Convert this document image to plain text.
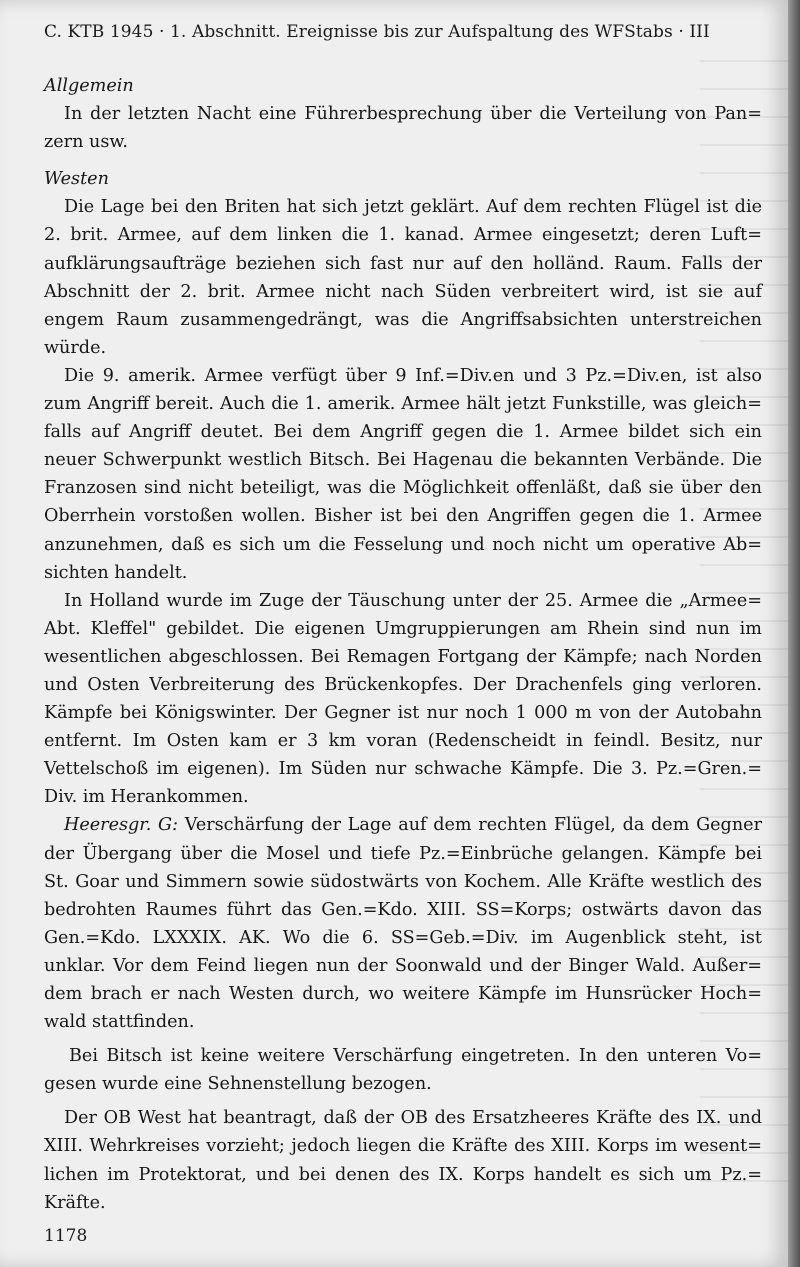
C. KTB 1945 · 1. Abschnitt. Ereignisse bis zur Aufspaltung des WFStabs · III

Allgemein

In der letzten Nacht eine Führerbesprechung über die Verteilung von Pan= zern usw.

Westen

Die Lage bei den Briten hat sich jetzt geklärt. Auf dem rechten Flügel ist die 2. brit. Armee, auf dem linken die 1. kanad. Armee eingesetzt; deren Luft= aufklärungsaufträge beziehen sich fast nur auf den holländ. Raum. Falls der Abschnitt der 2. brit. Armee nicht nach Süden verbreitert wird, ist sie auf engem Raum zusammengedrängt, was die Angriffsabsichten unterstreichen würde.

Die 9. amerik. Armee verfügt über 9 Inf.=Div.en und 3 Pz.=Div.en, ist also zum Angriff bereit. Auch die 1. amerik. Armee hält jetzt Funkstille, was gleich= falls auf Angriff deutet. Bei dem Angriff gegen die 1. Armee bildet sich ein neuer Schwerpunkt westlich Bitsch. Bei Hagenau die bekannten Verbände. Die Franzosen sind nicht beteiligt, was die Möglichkeit offenläßt, daß sie über den Oberrhein vorstoßen wollen. Bisher ist bei den Angriffen gegen die 1. Armee anzunehmen, daß es sich um die Fesselung und noch nicht um operative Ab= sichten handelt.

In Holland wurde im Zuge der Täuschung unter der 25. Armee die „Armee= Abt. Kleffel" gebildet. Die eigenen Umgruppierungen am Rhein sind nun im wesentlichen abgeschlossen. Bei Remagen Fortgang der Kämpfe; nach Norden und Osten Verbreiterung des Brückenkopfes. Der Drachenfels ging verloren. Kämpfe bei Königswinter. Der Gegner ist nur noch 1 000 m von der Autobahn entfernt. Im Osten kam er 3 km voran (Redenscheidt in feindl. Besitz, nur Vettelschoß im eigenen). Im Süden nur schwache Kämpfe. Die 3. Pz.=Gren.= Div. im Herankommen.

Heeresgr. G: Verschärfung der Lage auf dem rechten Flügel, da dem Gegner der Übergang über die Mosel und tiefe Pz.=Einbrüche gelangen. Kämpfe bei St. Goar und Simmern sowie südostwärts von Kochem. Alle Kräfte westlich des bedrohten Raumes führt das Gen.=Kdo. XIII. SS=Korps; ostwärts davon das Gen.=Kdo. LXXXIX. AK. Wo die 6. SS=Geb.=Div. im Augenblick steht, ist unklar. Vor dem Feind liegen nun der Soonwald und der Binger Wald. Außer= dem brach er nach Westen durch, wo weitere Kämpfe im Hunsrücker Hoch= wald stattfinden.

Bei Bitsch ist keine weitere Verschärfung eingetreten. In den unteren Vo= gesen wurde eine Sehnenstellung bezogen.

Der OB West hat beantragt, daß der OB des Ersatzheeres Kräfte des IX. und XIII. Wehrkreises vorzieht; jedoch liegen die Kräfte des XIII. Korps im wesent= lichen im Protektorat, und bei denen des IX. Korps handelt es sich um Pz.= Kräfte.

1178
